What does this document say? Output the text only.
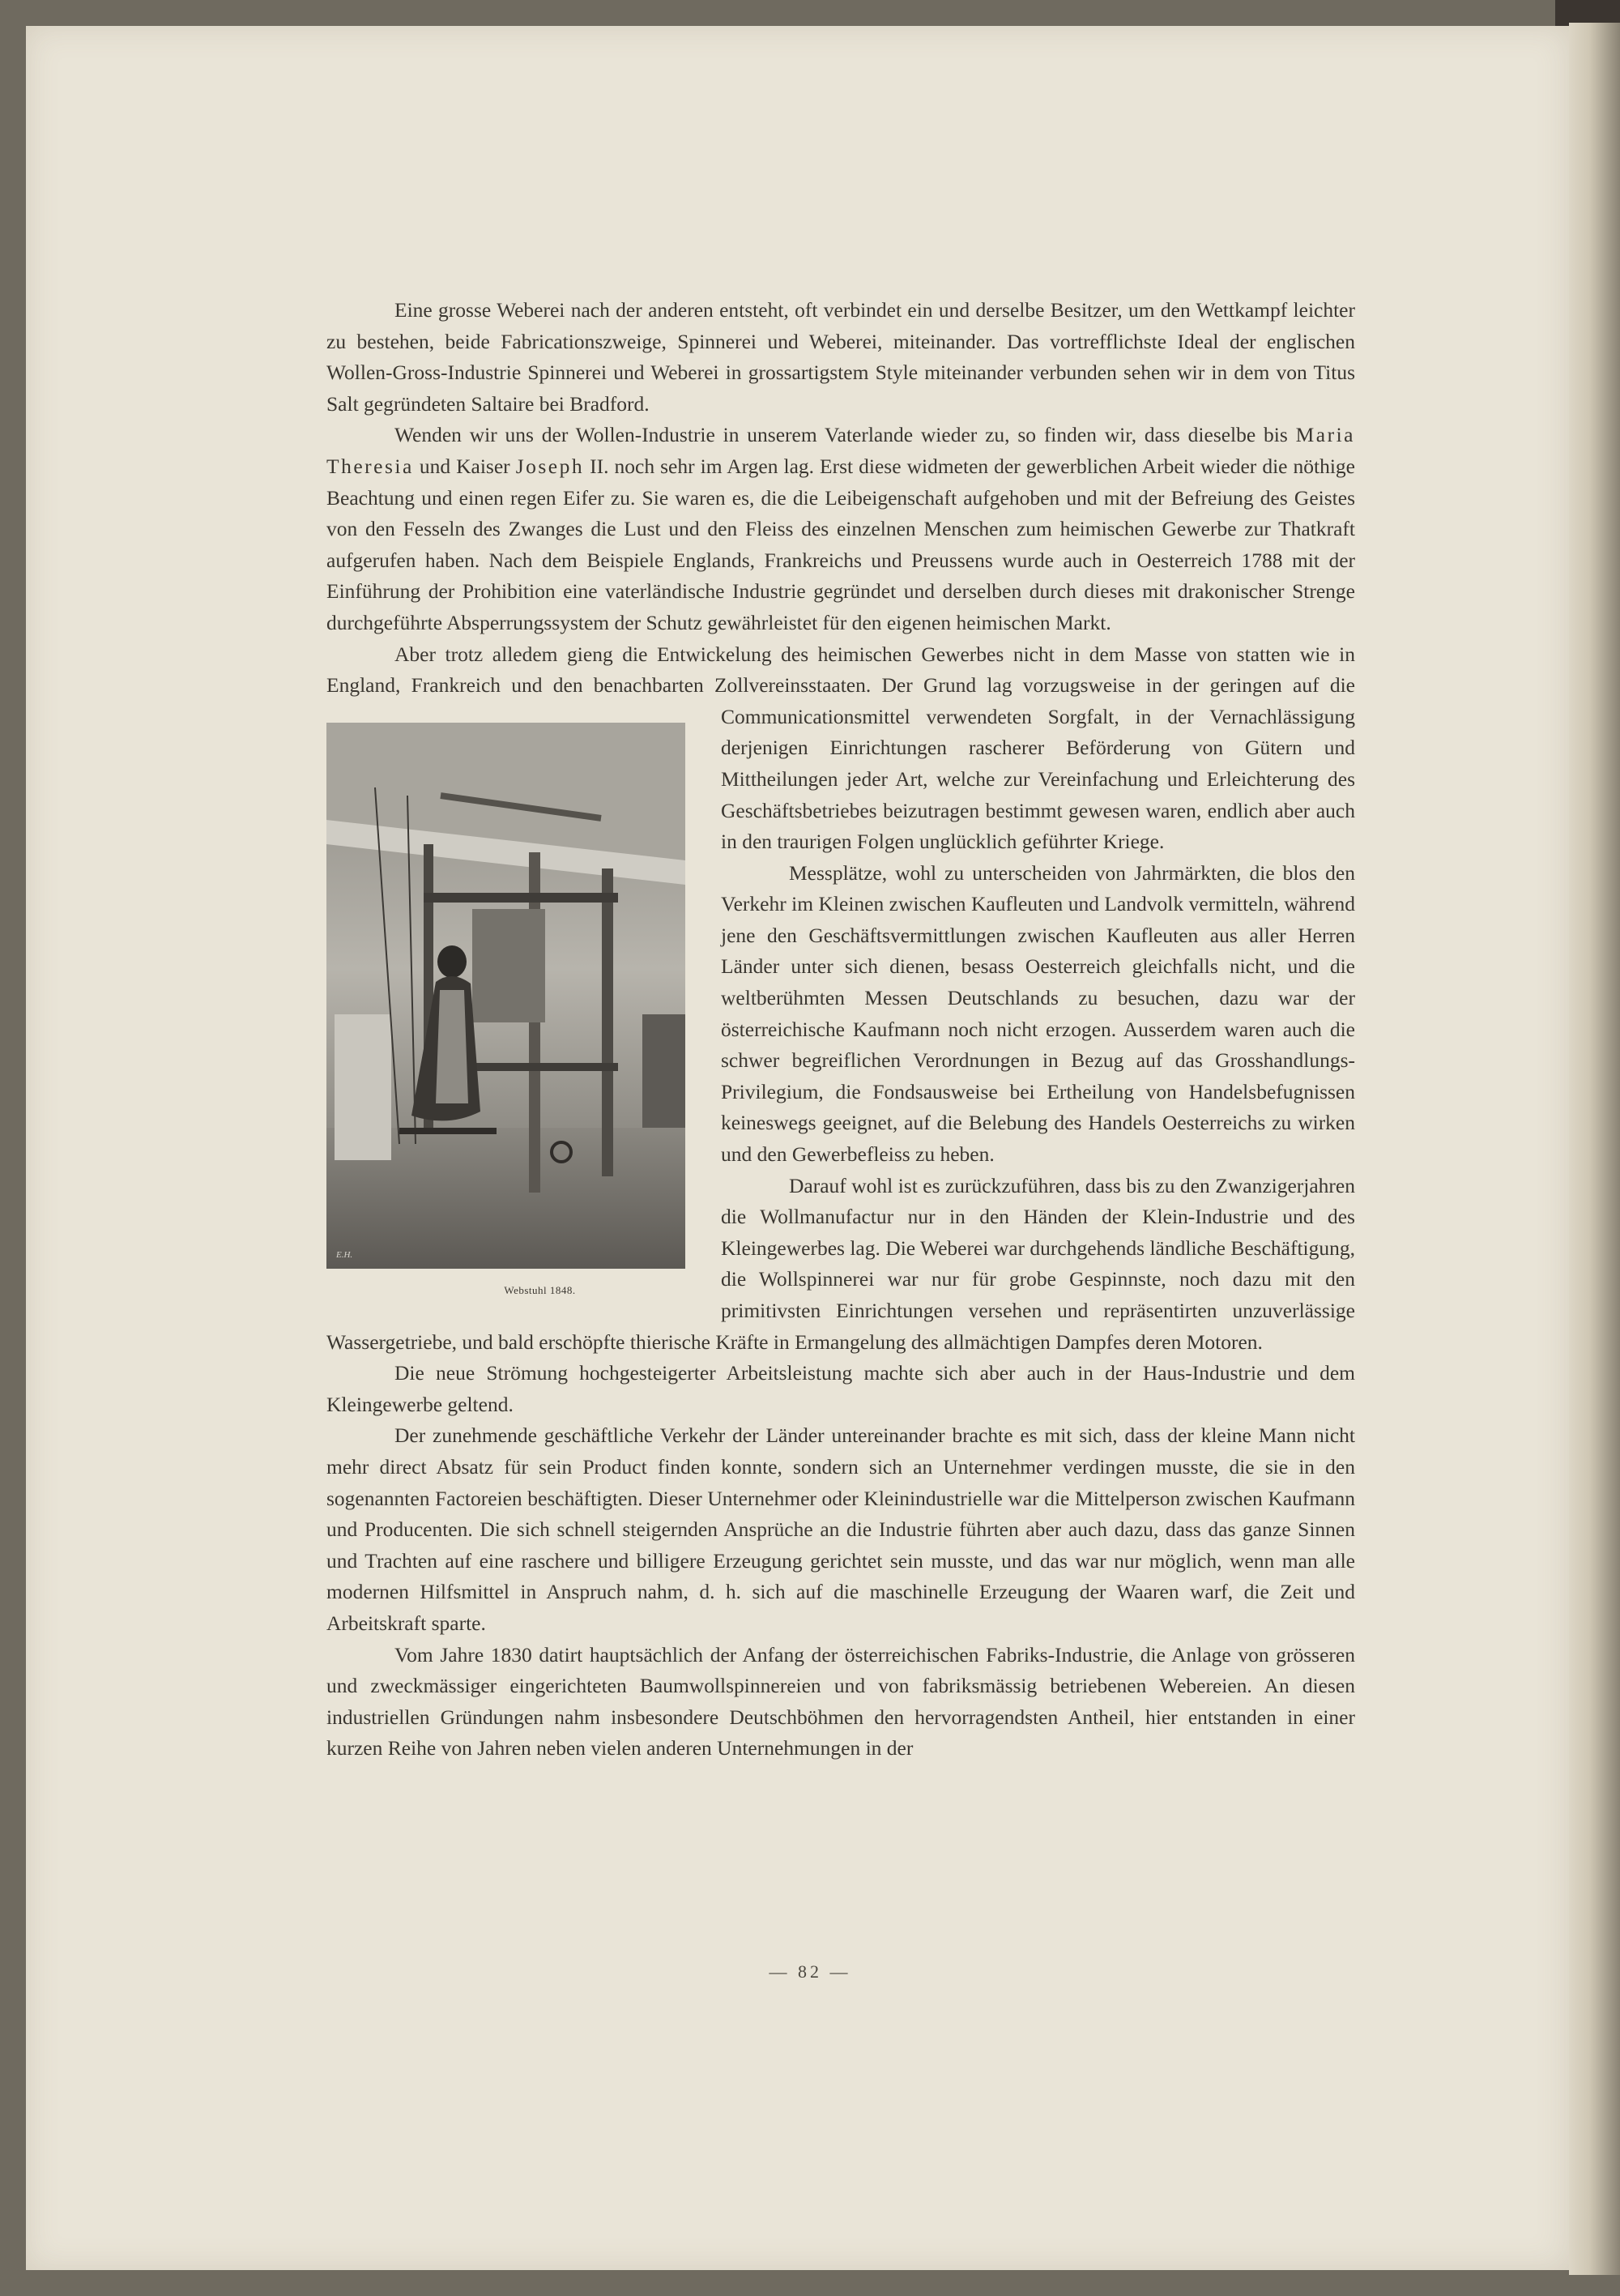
Eine grosse Weberei nach der anderen entsteht, oft verbindet ein und derselbe Besitzer, um den Wettkampf leichter zu bestehen, beide Fabricationszweige, Spinnerei und Weberei, miteinander. Das vortrefflichste Ideal der englischen Wollen-Gross-Industrie Spinnerei und Weberei in grossartigstem Style miteinander verbunden sehen wir in dem von Titus Salt gegründeten Saltaire bei Bradford.

Wenden wir uns der Wollen-Industrie in unserem Vaterlande wieder zu, so finden wir, dass dieselbe bis Maria Theresia und Kaiser Joseph II. noch sehr im Argen lag. Erst diese widmeten der gewerblichen Arbeit wieder die nöthige Beachtung und einen regen Eifer zu. Sie waren es, die die Leibeigenschaft aufgehoben und mit der Befreiung des Geistes von den Fesseln des Zwanges die Lust und den Fleiss des einzelnen Menschen zum heimischen Gewerbe zur Thatkraft aufgerufen haben. Nach dem Beispiele Englands, Frankreichs und Preussens wurde auch in Oesterreich 1788 mit der Einführung der Prohibition eine vaterländische Industrie gegründet und derselben durch dieses mit drakonischer Strenge durchgeführte Absperrungssystem der Schutz gewährleistet für den eigenen heimischen Markt.

Aber trotz alledem gieng die Entwickelung des heimischen Gewerbes nicht in dem Masse von statten wie in England, Frankreich und den benachbarten Zollvereinsstaaten. Der Grund lag vorzugsweise in der
E.H.
Webstuhl 1848.
geringen auf die Communicationsmittel verwendeten Sorgfalt, in der Vernachlässigung derjenigen Einrichtungen rascherer Beförderung von Gütern und Mittheilungen jeder Art, welche zur Vereinfachung und Erleichterung des Geschäftsbetriebes beizutragen bestimmt gewesen waren, endlich aber auch in den traurigen Folgen unglücklich geführter Kriege.

Messplätze, wohl zu unterscheiden von Jahrmärkten, die blos den Verkehr im Kleinen zwischen Kaufleuten und Landvolk vermitteln, während jene den Geschäftsvermittlungen zwischen Kaufleuten aus aller Herren Länder unter sich dienen, besass Oesterreich gleichfalls nicht, und die weltberühmten Messen Deutschlands zu besuchen, dazu war der österreichische Kaufmann noch nicht erzogen. Ausserdem waren auch die schwer begreiflichen Verordnungen in Bezug auf das Grosshandlungs-Privilegium, die Fondsausweise bei Ertheilung von Handelsbefugnissen keineswegs geeignet, auf die Belebung des Handels Oesterreichs zu wirken und den Gewerbefleiss zu heben.

Darauf wohl ist es zurückzuführen, dass bis zu den Zwanzigerjahren die Wollmanufactur nur in den Händen der Klein-Industrie und des Kleingewerbes lag. Die Weberei war durchgehends ländliche Beschäftigung, die Wollspinnerei war nur für grobe Gespinnste, noch dazu mit den primitivsten Einrichtungen versehen und repräsentirten unzuverlässige Wassergetriebe, und bald erschöpfte thierische Kräfte in Ermangelung des allmächtigen Dampfes deren Motoren.

Die neue Strömung hochgesteigerter Arbeitsleistung machte sich aber auch in der Haus-Industrie und dem Kleingewerbe geltend.

Der zunehmende geschäftliche Verkehr der Länder untereinander brachte es mit sich, dass der kleine Mann nicht mehr direct Absatz für sein Product finden konnte, sondern sich an Unternehmer verdingen musste, die sie in den sogenannten Factoreien beschäftigten. Dieser Unternehmer oder Kleinindustrielle war die Mittelperson zwischen Kaufmann und Producenten. Die sich schnell steigernden Ansprüche an die Industrie führten aber auch dazu, dass das ganze Sinnen und Trachten auf eine raschere und billigere Erzeugung gerichtet sein musste, und das war nur möglich, wenn man alle modernen Hilfsmittel in Anspruch nahm, d. h. sich auf die maschinelle Erzeugung der Waaren warf, die Zeit und Arbeitskraft sparte.

Vom Jahre 1830 datirt hauptsächlich der Anfang der österreichischen Fabriks-Industrie, die Anlage von grösseren und zweckmässiger eingerichteten Baumwollspinnereien und von fabriksmässig betriebenen Webereien. An diesen industriellen Gründungen nahm insbesondere Deutschböhmen den hervorragendsten Antheil, hier entstanden in einer kurzen Reihe von Jahren neben vielen anderen Unternehmungen in der

— 82 —
